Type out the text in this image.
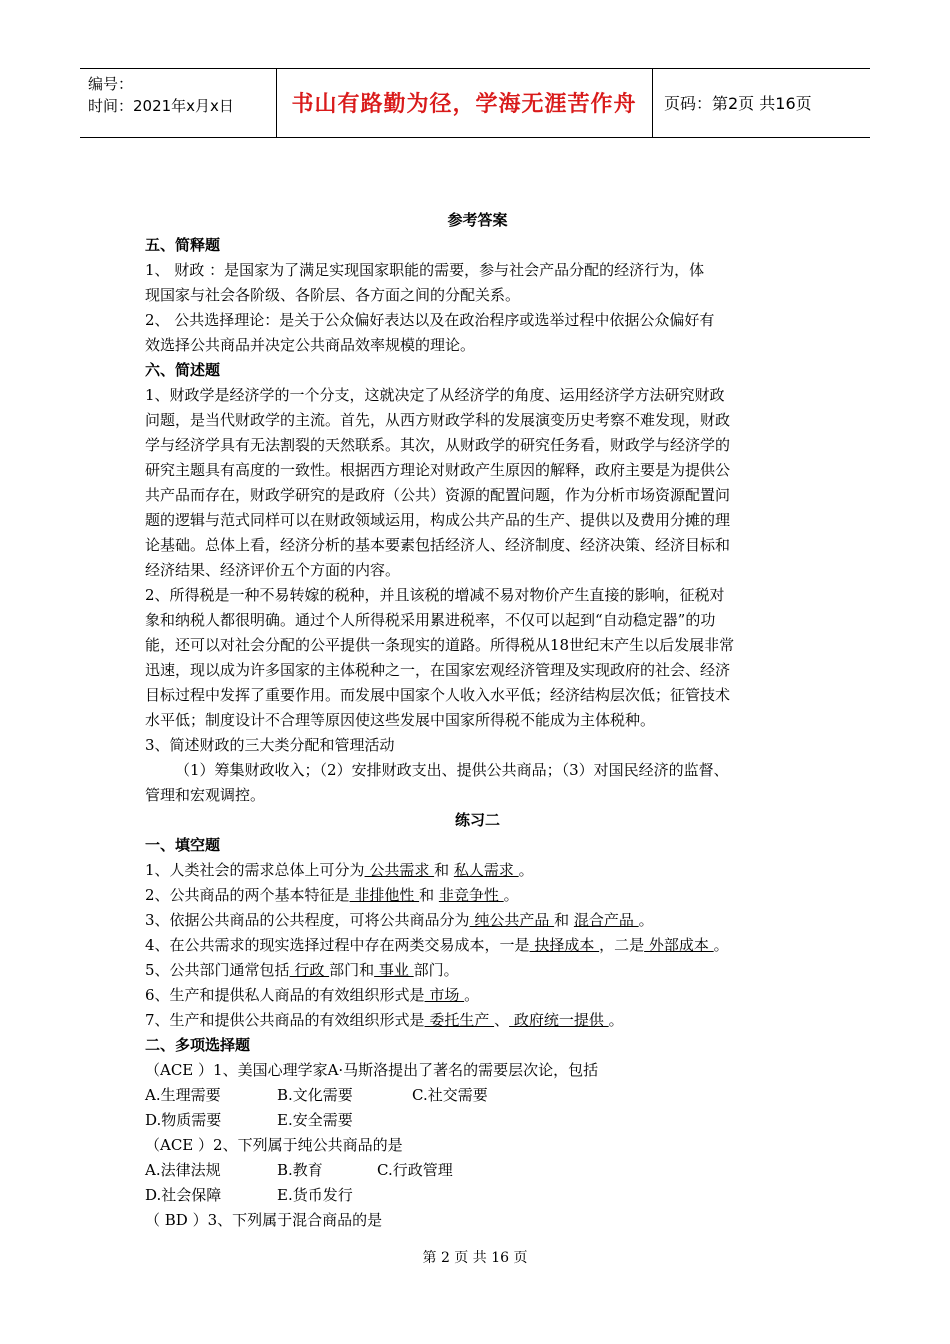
编号：
时间：2021年x月x日	书山有路勤为径，学海无涯苦作舟	页码：第2页 共16页
参考答案
五、简释题
1、 财政 ：是国家为了满足实现国家职能的需要，参与社会产品分配的经济行为，体
现国家与社会各阶级、各阶层、各方面之间的分配关系。
2、 公共选择理论：是关于公众偏好表达以及在政治程序或选举过程中依据公众偏好有
效选择公共商品并决定公共商品效率规模的理论。
六、简述题
1、财政学是经济学的一个分支，这就决定了从经济学的角度、运用经济学方法研究财政
问题，是当代财政学的主流。首先，从西方财政学科的发展演变历史考察不难发现，财政
学与经济学具有无法割裂的天然联系。其次，从财政学的研究任务看，财政学与经济学的
研究主题具有高度的一致性。根据西方理论对财政产生原因的解释，政府主要是为提供公
共产品而存在，财政学研究的是政府（公共）资源的配置问题，作为分析市场资源配置问
题的逻辑与范式同样可以在财政领域运用，构成公共产品的生产、提供以及费用分摊的理
论基础。总体上看，经济分析的基本要素包括经济人、经济制度、经济决策、经济目标和
经济结果、经济评价五个方面的内容。
2、所得税是一种不易转嫁的税种，并且该税的增减不易对物价产生直接的影响，征税对
象和纳税人都很明确。通过个人所得税采用累进税率，不仅可以起到“自动稳定器”的功
能，还可以对社会分配的公平提供一条现实的道路。所得税从18世纪末产生以后发展非常
迅速，现以成为许多国家的主体税种之一，在国家宏观经济管理及实现政府的社会、经济
目标过程中发挥了重要作用。而发展中国家个人收入水平低；经济结构层次低；征管技术
水平低；制度设计不合理等原因使这些发展中国家所得税不能成为主体税种。
3、简述财政的三大类分配和管理活动
（1）筹集财政收入；（2）安排财政支出、提供公共商品；（3）对国民经济的监督、
管理和宏观调控。
练习二
一、填空题
1、人类社会的需求总体上可分为 公共需求 和 私人需求 。
2、公共商品的两个基本特征是 非排他性 和 非竞争性 。
3、依据公共商品的公共程度，可将公共商品分为 纯公共产品 和 混合产品 。
4、在公共需求的现实选择过程中存在两类交易成本，一是 抉择成本 ，二是 外部成本 。
5、公共部门通常包括 行政 部门和 事业 部门。
6、生产和提供私人商品的有效组织形式是 市场 。
7、生产和提供公共商品的有效组织形式是 委托生产 、 政府统一提供 。
二、多项选择题
（ACE ）1、美国心理学家A·马斯洛提出了著名的需要层次论，包括
A.生理需要	B.文化需要	C.社交需要
D.物质需要	E.安全需要
（ACE ）2、下列属于纯公共商品的是
A.法律法规	B.教育	C.行政管理
D.社会保障	E.货币发行
（ BD ）3、下列属于混合商品的是
第 2 页 共 16 页
